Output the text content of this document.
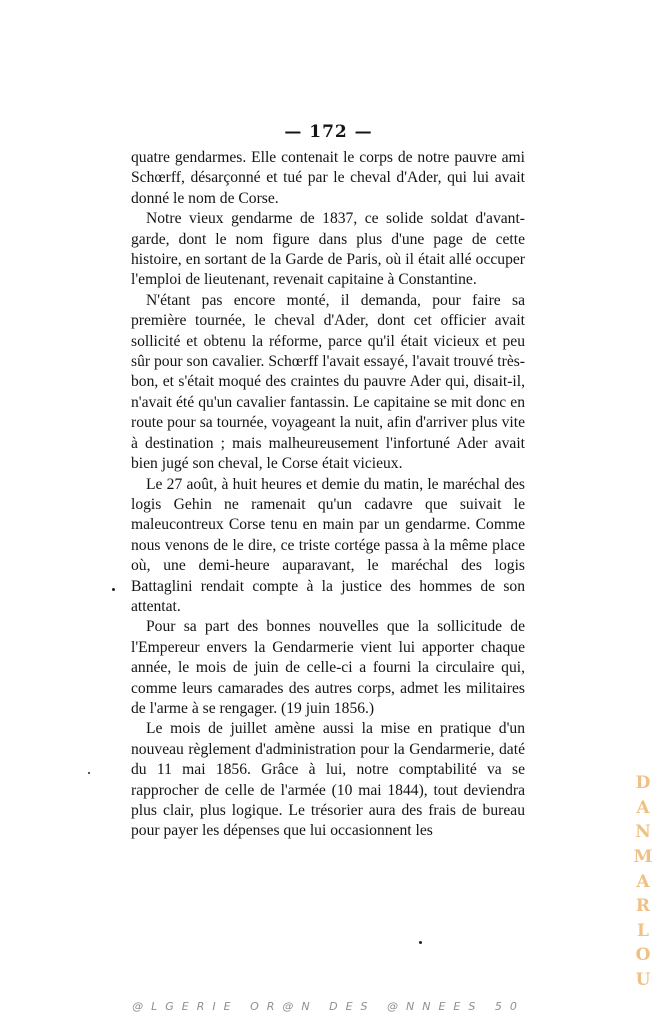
— 172 —

quatre gendarmes. Elle contenait le corps de notre pauvre ami Schœrff, désarçonné et tué par le cheval d'Ader, qui lui avait donné le nom de Corse.

Notre vieux gendarme de 1837, ce solide soldat d'avant-garde, dont le nom figure dans plus d'une page de cette histoire, en sortant de la Garde de Paris, où il était allé occuper l'emploi de lieutenant, revenait capitaine à Constantine.

N'étant pas encore monté, il demanda, pour faire sa première tournée, le cheval d'Ader, dont cet officier avait sollicité et obtenu la réforme, parce qu'il était vicieux et peu sûr pour son cavalier. Schœrff l'avait essayé, l'avait trouvé très-bon, et s'était moqué des craintes du pauvre Ader qui, disait-il, n'avait été qu'un cavalier fantassin. Le capitaine se mit donc en route pour sa tournée, voyageant la nuit, afin d'arriver plus vite à destination ; mais malheureusement l'infortuné Ader avait bien jugé son cheval, le Corse était vicieux.

Le 27 août, à huit heures et demie du matin, le maréchal des logis Gehin ne ramenait qu'un cadavre que suivait le maleucontreux Corse tenu en main par un gendarme. Comme nous venons de le dire, ce triste cortége passa à la même place où, une demi-heure auparavant, le maréchal des logis Battaglini rendait compte à la justice des hommes de son attentat.

Pour sa part des bonnes nouvelles que la sollicitude de l'Empereur envers la Gendarmerie vient lui apporter chaque année, le mois de juin de celle-ci a fourni la circulaire qui, comme leurs camarades des autres corps, admet les militaires de l'arme à se rengager. (19 juin 1856.)

Le mois de juillet amène aussi la mise en pratique d'un nouveau règlement d'administration pour la Gendarmerie, daté du 11 mai 1856. Grâce à lui, notre comptabilité va se rapprocher de celle de l'armée (10 mai 1844), tout deviendra plus clair, plus logique. Le trésorier aura des frais de bureau pour payer les dépenses que lui occasionnent les

D
A
N
M
A
R
L
O
U
@LGERIE OR@N DES @NNEES 50
